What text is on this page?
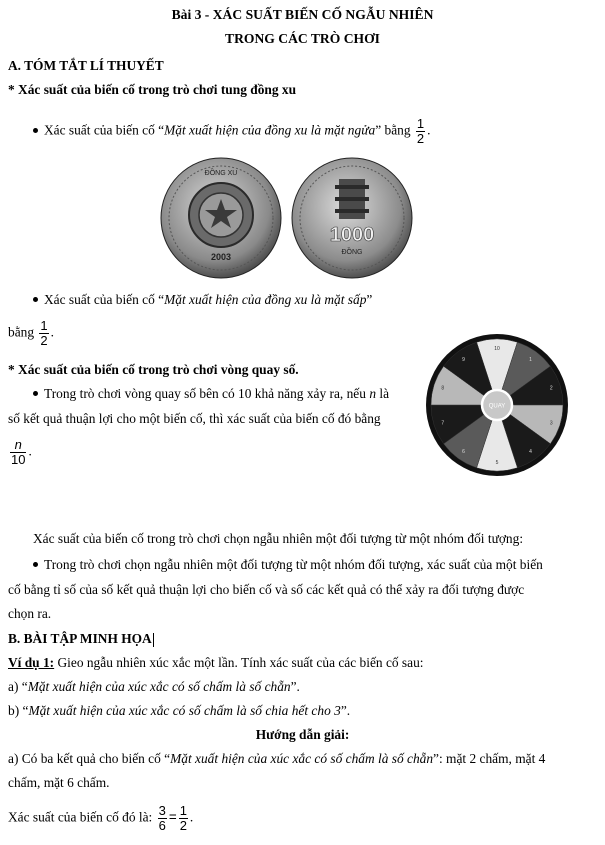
Bài 3 - XÁC SUẤT BIẾN CỐ NGẪU NHIÊN
TRONG CÁC TRÒ CHƠI
A. TÓM TẮT LÍ THUYẾT
* Xác suất của biến cố trong trò chơi tung đồng xu
Xác suất của biến cố “Mặt xuất hiện của đồng xu là mặt ngửa” bằng $\frac{1}{2}$ .
2003
ĐỒNG XU
1000
ĐỒNG
Xác suất của biến cố “Mặt xuất hiện của đồng xu là mặt sấp”
bằng $\frac{1}{2}$ .
* Xác suất của biến cố trong trò chơi vòng quay số.
Trong trò chơi vòng quay số bên có 10 khả năng xảy ra, nếu n là
số kết quả thuận lợi cho một biến cố, thì xác suất của biến cố đó bằng
$\frac{n}{10}$ .
10
1
2
3
4
5
6
7
8
9
QUAY
Xác suất của biến cố trong trò chơi chọn ngẫu nhiên một đối tượng từ một nhóm đối tượng:
Trong trò chơi chọn ngẫu nhiên một đối tượng từ một nhóm đối tượng, xác suất của một biến
cố bằng tỉ số của số kết quả thuận lợi cho biến cố và số các kết quả có thể xảy ra đối tượng được
chọn ra.
B. BÀI TẬP MINH HỌA
Ví dụ 1: Gieo ngẫu nhiên xúc xắc một lần. Tính xác suất của các biến cố sau:
a) “Mặt xuất hiện của xúc xắc có số chấm là số chẵn”.
b) “Mặt xuất hiện của xúc xắc có số chấm là số chia hết cho 3”.
Hướng dẫn giải:
a) Có ba kết quả cho biến cố “Mặt xuất hiện của xúc xắc có số chấm là số chẵn”: mặt 2 chấm, mặt 4
chấm, mặt 6 chấm.
Xác suất của biến cố đó là: $\frac{3}{6} = \frac{1}{2}$ .
